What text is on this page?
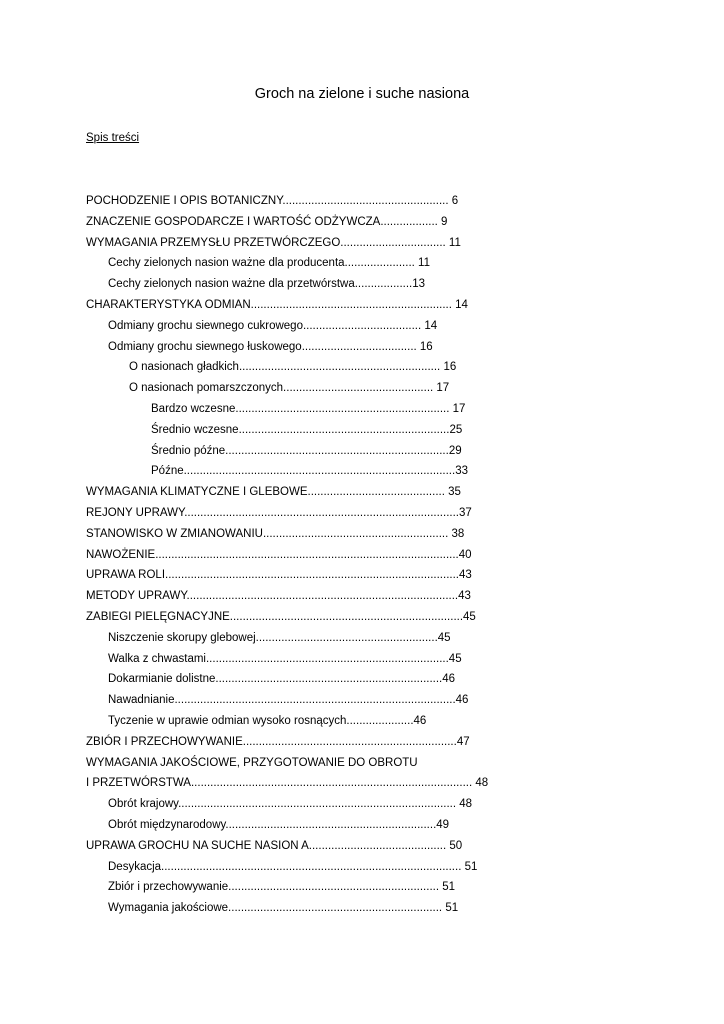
Groch na zielone i suche nasiona
Spis treści
POCHODZENIE I OPIS BOTANICZNY.................................................... 6
ZNACZENIE GOSPODARCZE I WARTOŚĆ ODŻYWCZA.................. 9
WYMAGANIA PRZEMYSŁU PRZETWÓRCZEGO................................. 11
Cechy zielonych nasion ważne dla producenta...................... 11
Cechy zielonych nasion ważne dla przetwórstwa..................13
CHARAKTERYSTYKA ODMIAN............................................................... 14
Odmiany grochu siewnego cukrowego..................................... 14
Odmiany grochu siewnego łuskowego.................................... 16
O nasionach gładkich............................................................... 16
O nasionach pomarszczonych............................................... 17
Bardzo wczesne................................................................... 17
Średnio wczesne..................................................................25
Średnio późne......................................................................29
Późne.....................................................................................33
WYMAGANIA KLIMATYCZNE I GLEBOWE........................................... 35
REJONY UPRAWY......................................................................................37
STANOWISKO W ZMIANOWANIU.......................................................... 38
NAWOŻENIE...............................................................................................40
UPRAWA ROLI............................................................................................43
METODY UPRAWY.....................................................................................43
ZABIEGI PIELĘGNACYJNE.........................................................................45
Niszczenie skorupy glebowej.........................................................45
Walka z chwastami............................................................................45
Dokarmianie dolistne.......................................................................46
Nawadnianie........................................................................................46
Tyczenie w uprawie odmian wysoko rosnących.....................46
ZBIÓR I PRZECHOWYWANIE...................................................................47
WYMAGANIA JAKOŚCIOWE, PRZYGOTOWANIE DO OBROTU
I PRZETWÓRSTWA........................................................................................ 48
Obrót krajowy....................................................................................... 48
Obrót międzynarodowy..................................................................49
UPRAWA GROCHU NA SUCHE NASION A........................................... 50
Desykacja.............................................................................................. 51
Zbiór i przechowywanie.................................................................. 51
Wymagania jakościowe................................................................... 51
